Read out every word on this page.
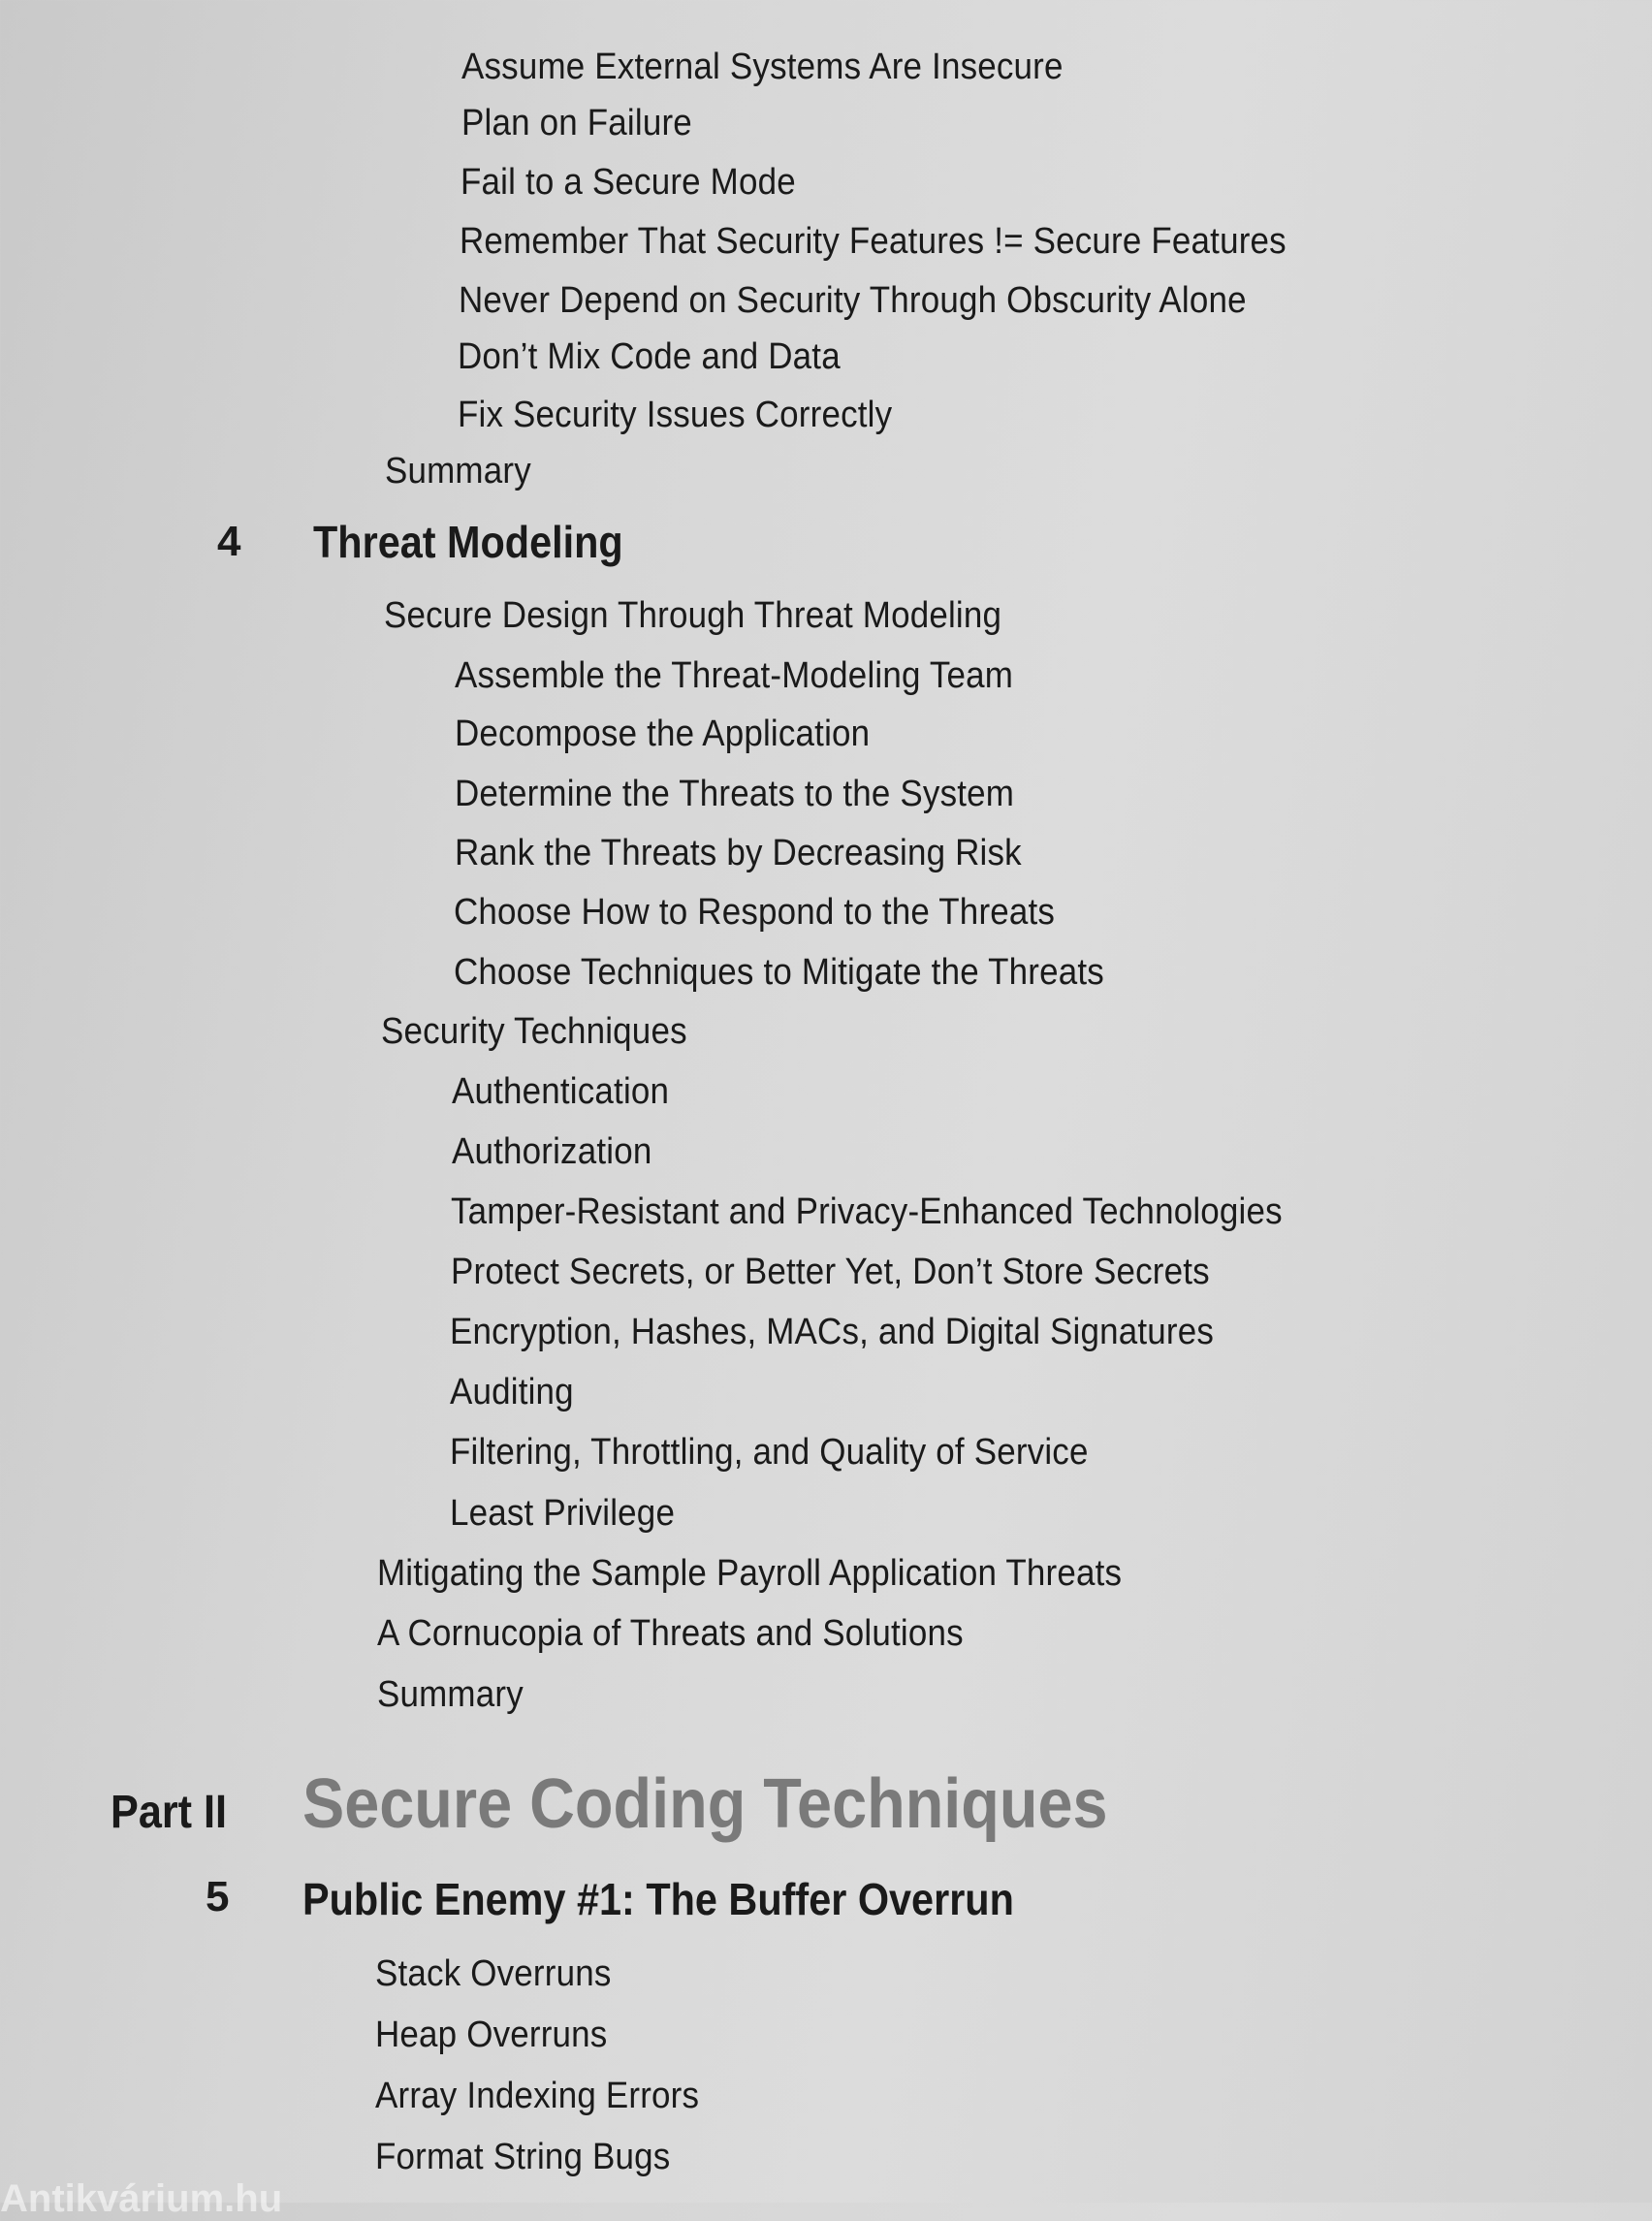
Assume External Systems Are Insecure
Plan on Failure
Fail to a Secure Mode
Remember That Security Features != Secure Features
Never Depend on Security Through Obscurity Alone
Don’t Mix Code and Data
Fix Security Issues Correctly
Summary
4 Threat Modeling
Secure Design Through Threat Modeling
Assemble the Threat-Modeling Team
Decompose the Application
Determine the Threats to the System
Rank the Threats by Decreasing Risk
Choose How to Respond to the Threats
Choose Techniques to Mitigate the Threats
Security Techniques
Authentication
Authorization
Tamper-Resistant and Privacy-Enhanced Technologies
Protect Secrets, or Better Yet, Don’t Store Secrets
Encryption, Hashes, MACs, and Digital Signatures
Auditing
Filtering, Throttling, and Quality of Service
Least Privilege
Mitigating the Sample Payroll Application Threats
A Cornucopia of Threats and Solutions
Summary
Part II Secure Coding Techniques
5 Public Enemy #1: The Buffer Overrun
Stack Overruns
Heap Overruns
Array Indexing Errors
Format String Bugs
Antikvárium.hu
